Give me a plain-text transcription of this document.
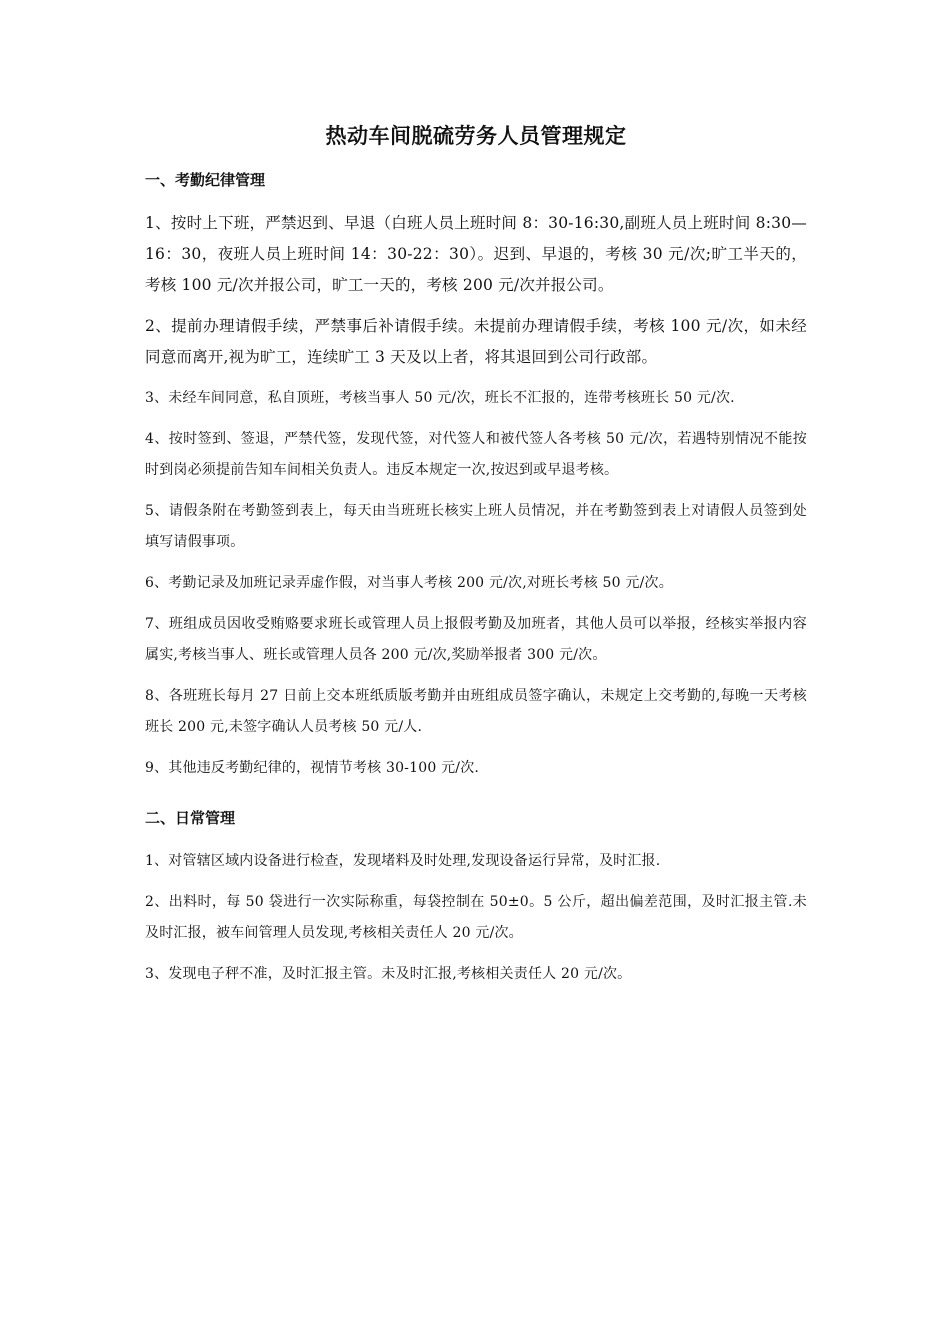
热动车间脱硫劳务人员管理规定
一、考勤纪律管理

1、按时上下班，严禁迟到、早退（白班人员上班时间 8：30-16:30,副班人员上班时间 8:30—16：30，夜班人员上班时间 14：30-22：30）。迟到、早退的，考核 30 元/次;旷工半天的，考核 100 元/次并报公司，旷工一天的，考核 200 元/次并报公司。

2、提前办理请假手续，严禁事后补请假手续。未提前办理请假手续，考核 100 元/次，如未经同意而离开,视为旷工，连续旷工 3 天及以上者，将其退回到公司行政部。

3、未经车间同意，私自顶班，考核当事人 50 元/次，班长不汇报的，连带考核班长 50 元/次.

4、按时签到、签退，严禁代签，发现代签，对代签人和被代签人各考核 50 元/次，若遇特别情况不能按时到岗必须提前告知车间相关负责人。违反本规定一次,按迟到或早退考核。

5、请假条附在考勤签到表上，每天由当班班长核实上班人员情况，并在考勤签到表上对请假人员签到处填写请假事项。

6、考勤记录及加班记录弄虚作假，对当事人考核 200 元/次,对班长考核 50 元/次。

7、班组成员因收受贿赂要求班长或管理人员上报假考勤及加班者，其他人员可以举报，经核实举报内容属实,考核当事人、班长或管理人员各 200 元/次,奖励举报者 300 元/次。

8、各班班长每月 27 日前上交本班纸质版考勤并由班组成员签字确认，未规定上交考勤的,每晚一天考核班长 200 元,未签字确认人员考核 50 元/人.

9、其他违反考勤纪律的，视情节考核 30-100 元/次.

二、日常管理

1、对管辖区域内设备进行检查，发现堵料及时处理,发现设备运行异常，及时汇报.

2、出料时，每 50 袋进行一次实际称重，每袋控制在 50±0。5 公斤，超出偏差范围，及时汇报主管.未及时汇报，被车间管理人员发现,考核相关责任人 20 元/次。

3、发现电子秤不准，及时汇报主管。未及时汇报,考核相关责任人 20 元/次。
